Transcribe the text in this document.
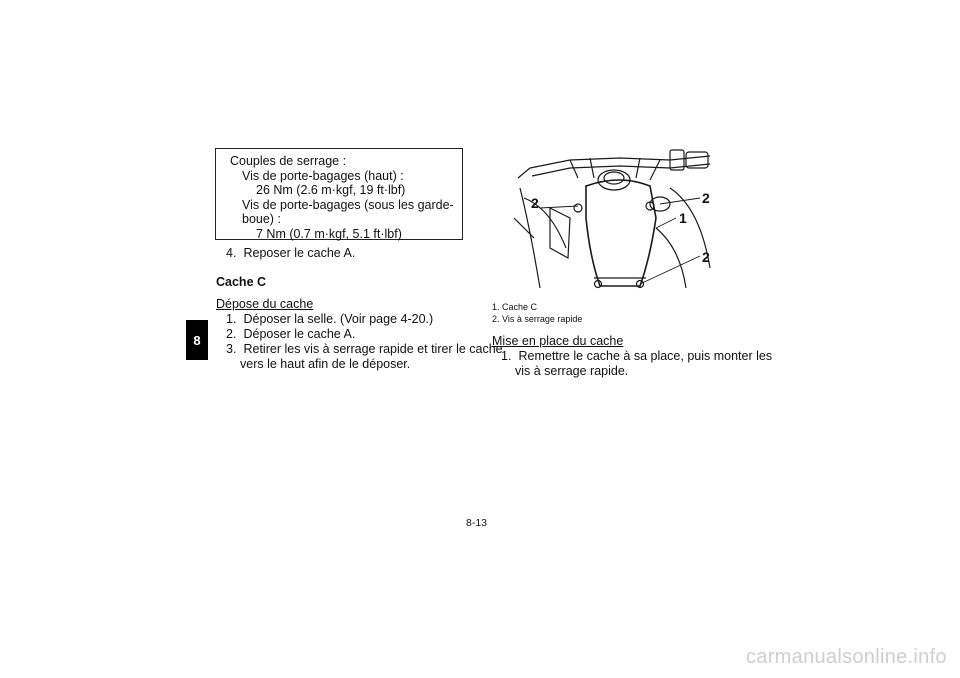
8
Couples de serrage :
Vis de porte-bagages (haut) :
26 Nm (2.6 m·kgf, 19 ft·lbf)
Vis de porte-bagages (sous les garde-
boue) :
7 Nm (0.7 m·kgf, 5.1 ft·lbf)
4. Reposer le cache A.
Cache C
Dépose du cache
1. Déposer la selle. (Voir page 4-20.)
2. Déposer le cache A.
3. Retirer les vis à serrage rapide et tirer le cache
vers le haut afin de le déposer.
2	2
1
2
1. Cache C
2. Vis à serrage rapide
Mise en place du cache
1. Remettre le cache à sa place, puis monter les
vis à serrage rapide.
8-13
carmanualsonline.info
